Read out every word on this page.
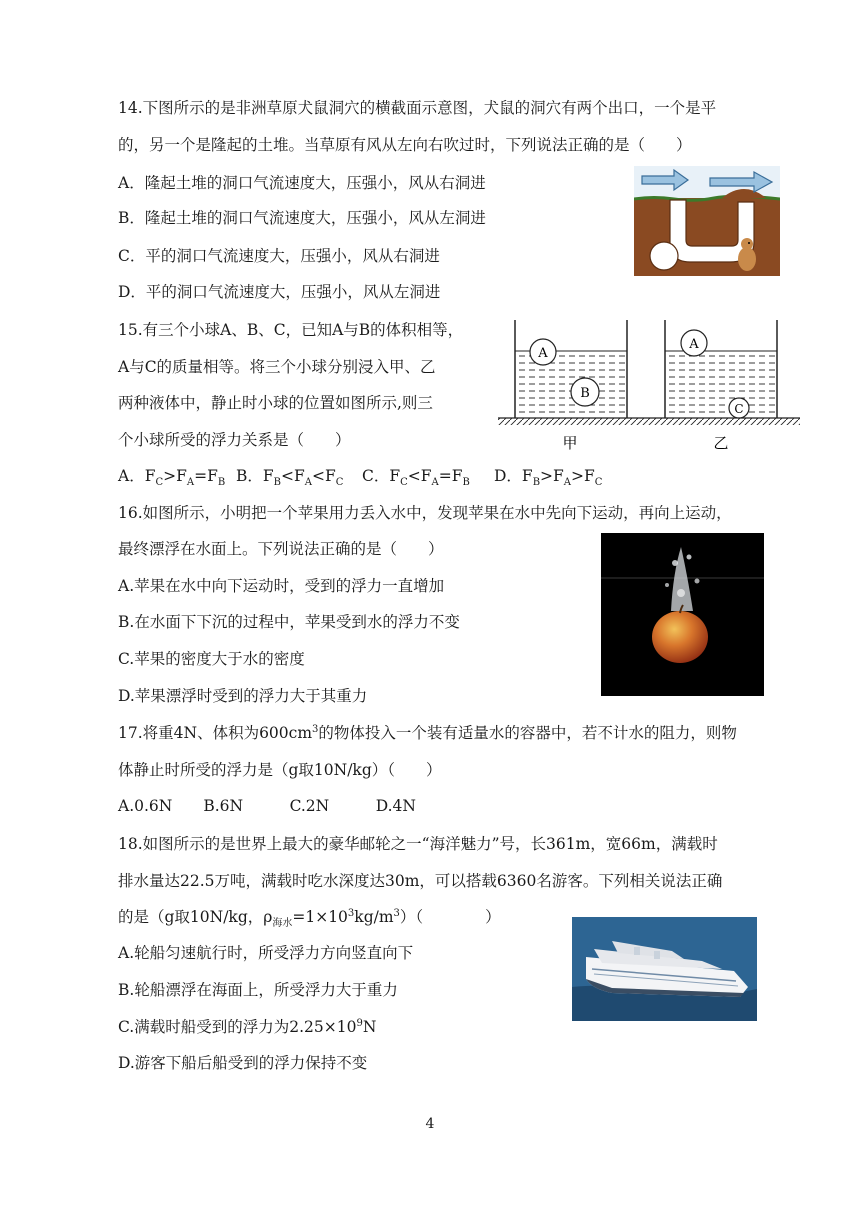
14.下图所示的是非洲草原犬鼠洞穴的横截面示意图，犬鼠的洞穴有两个出口，一个是平
的，另一个是隆起的土堆。当草原有风从左向右吹过时，下列说法正确的是（　　）
A．隆起土堆的洞口气流速度大，压强小，风从右洞进
B．隆起土堆的洞口气流速度大，压强小，风从左洞进
C．平的洞口气流速度大，压强小，风从右洞进
D．平的洞口气流速度大，压强小，风从左洞进
15.有三个小球A、B、C，已知A与B的体积相等，
A与C的质量相等。将三个小球分别浸入甲、乙
两种液体中，静止时小球的位置如图所示,则三
个小球所受的浮力关系是（　　）
A
B
A
C
甲	乙
A．$F_C>F_A=F_B$ B．$F_B<F_A<F_C$ C．$F_C<F_A=F_B$ D．$F_B>F_A>F_C$
16.如图所示，小明把一个苹果用力丢入水中，发现苹果在水中先向下运动，再向上运动，
最终漂浮在水面上。下列说法正确的是（　　）
A.苹果在水中向下运动时，受到的浮力一直增加
B.在水面下下沉的过程中，苹果受到水的浮力不变
C.苹果的密度大于水的密度
D.苹果漂浮时受到的浮力大于其重力
17.将重4N、体积为$600cm^3$的物体投入一个装有适量水的容器中，若不计水的阻力，则物
体静止时所受的浮力是（g取10N/kg）（　　）
A.0.6N　　B.6N　　　C.2N　　　D.4N
18.如图所示的是世界上最大的豪华邮轮之一“海洋魅力”号，长361m，宽66m，满载时
排水量达22.5万吨，满载时吃水深度达30m，可以搭载6360名游客。下列相关说法正确
的是（g取10N/kg，$\rho_{海水}=1\times 10^3kg/m^3$）（　　　　）
A.轮船匀速航行时，所受浮力方向竖直向下
B.轮船漂浮在海面上，所受浮力大于重力
C.满载时船受到的浮力为$2.25\times 10^9N$
D.游客下船后船受到的浮力保持不变
4
